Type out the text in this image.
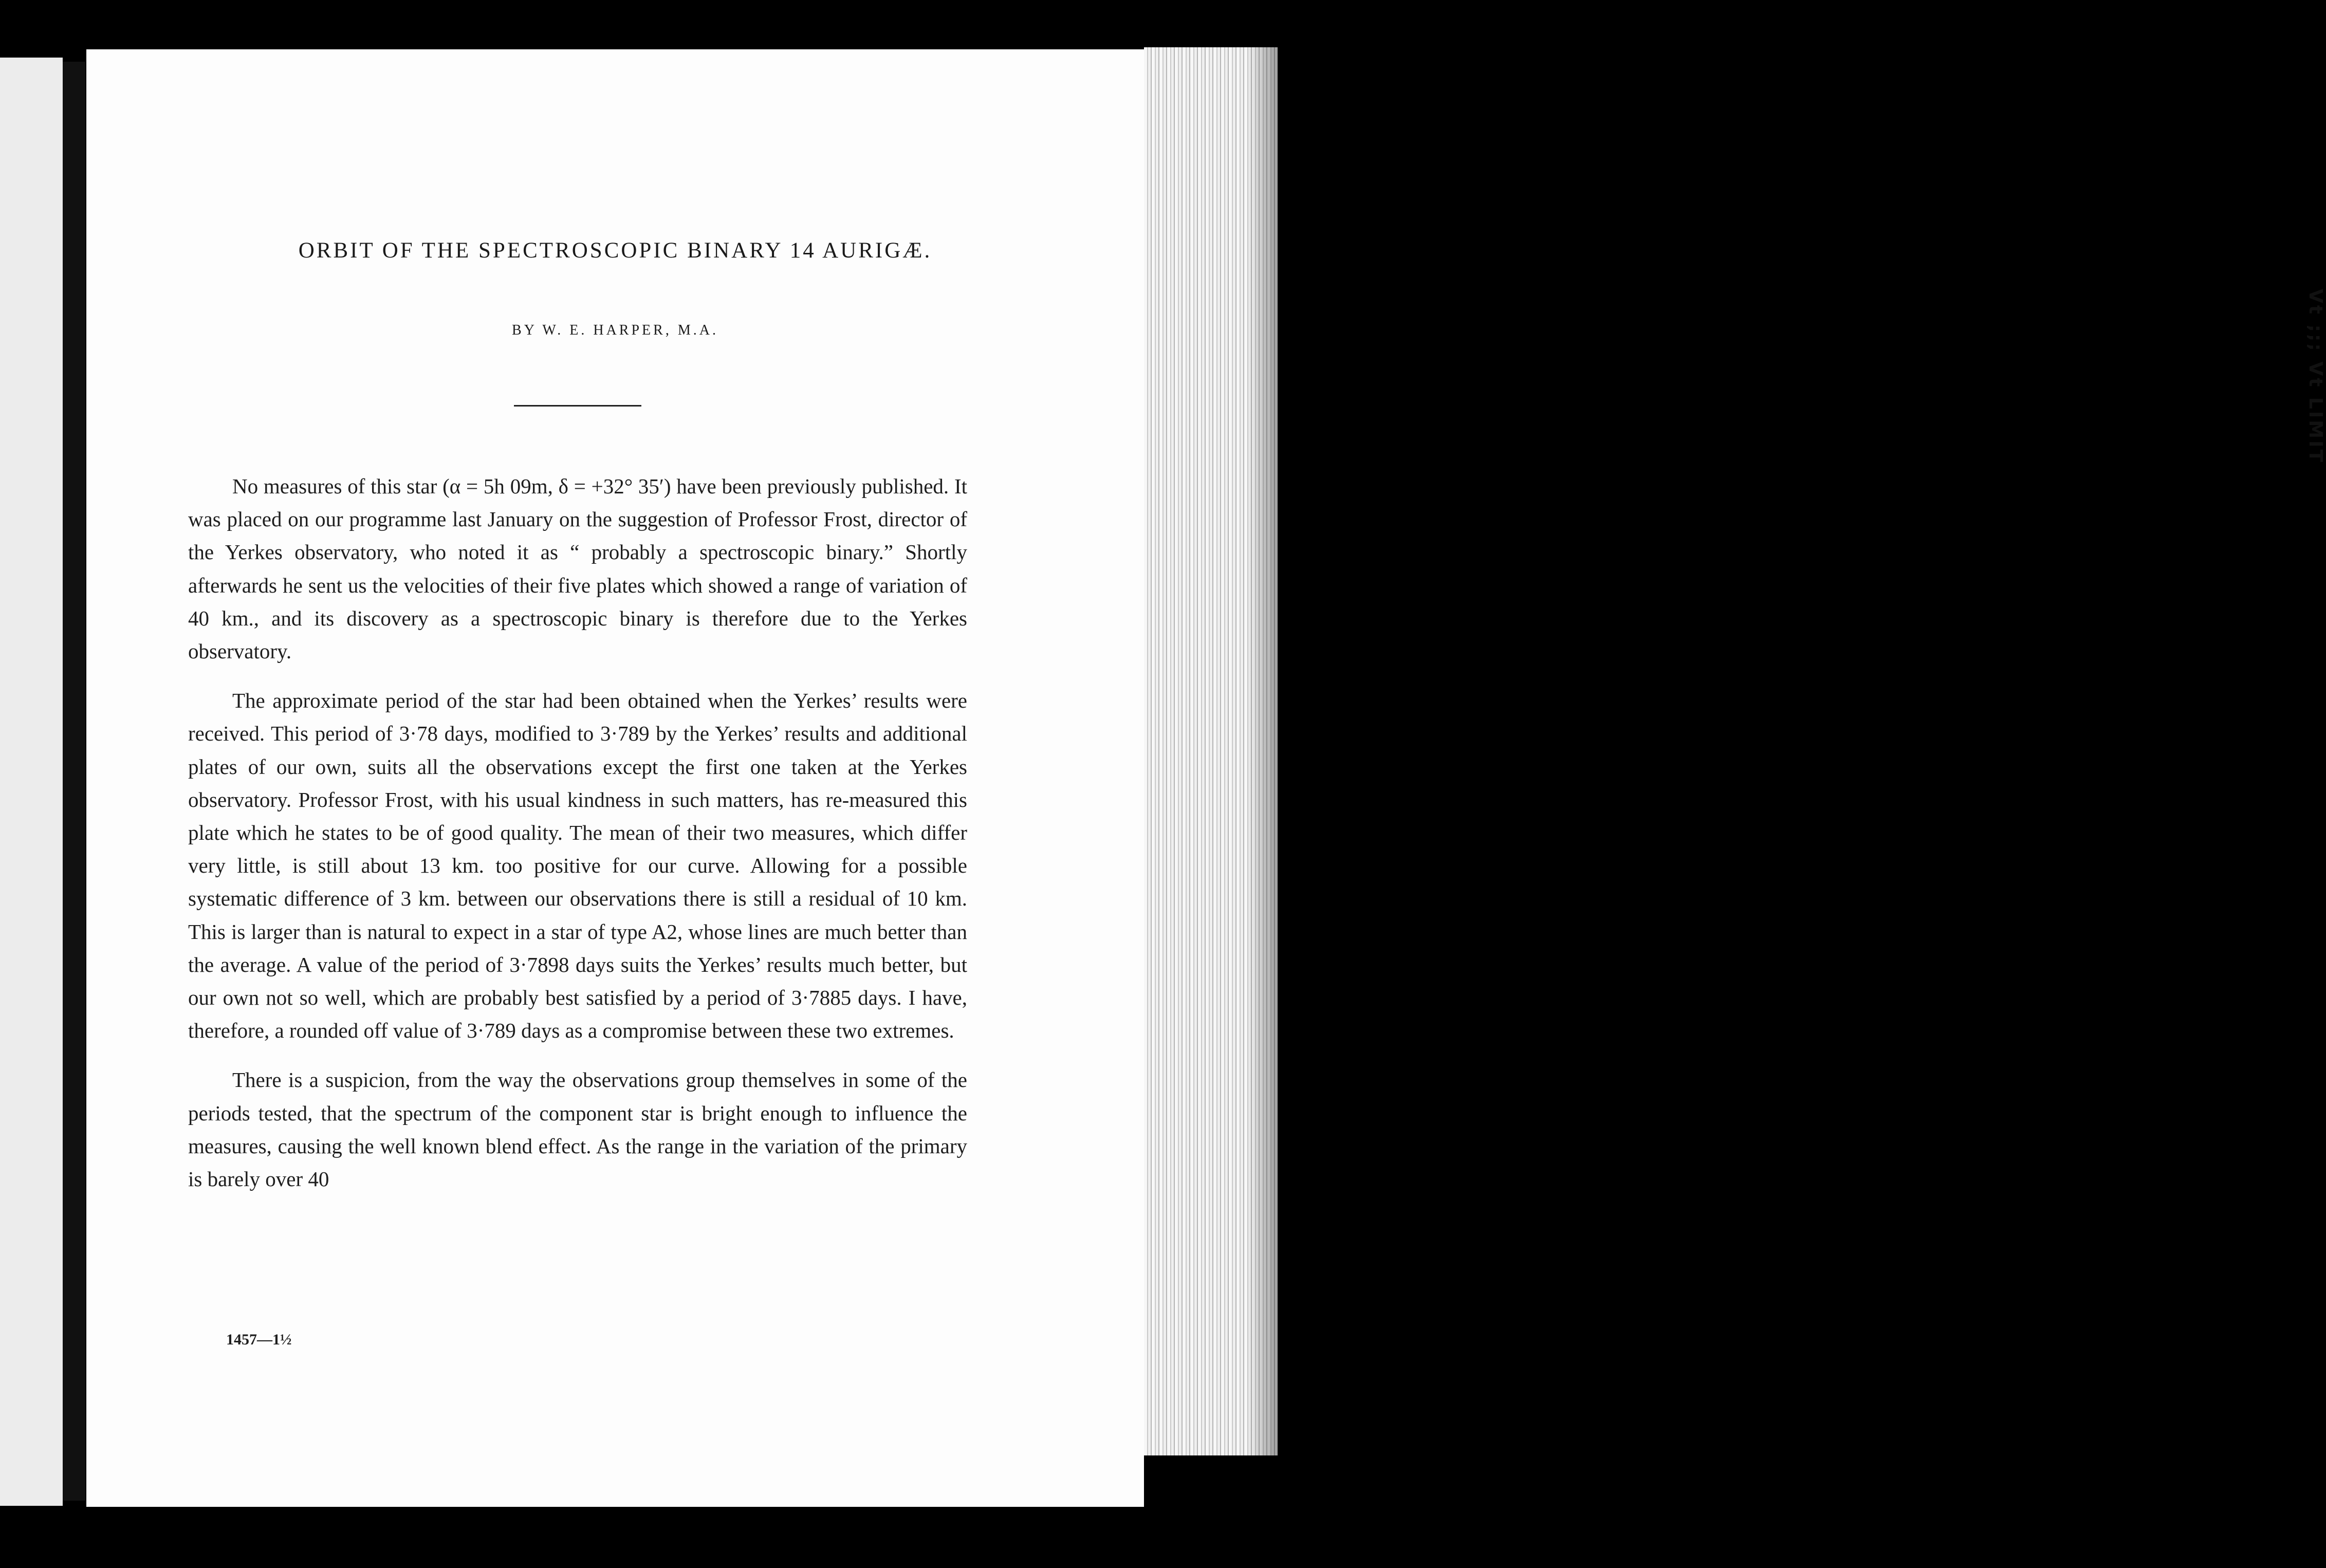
Vt ;;; Vt LIMIT
ORBIT OF THE SPECTROSCOPIC BINARY 14 AURIGÆ.
BY W. E. HARPER, M.A.

No measures of this star (α = 5h 09m, δ = +32° 35′) have been previously published. It was placed on our programme last January on the suggestion of Professor Frost, director of the Yerkes observatory, who noted it as “ probably a spectroscopic binary.” Shortly afterwards he sent us the velocities of their five plates which showed a range of variation of 40 km., and its discovery as a spectroscopic binary is therefore due to the Yerkes observatory.

The approximate period of the star had been obtained when the Yerkes’ results were received. This period of 3·78 days, modified to 3·789 by the Yerkes’ results and additional plates of our own, suits all the observations except the first one taken at the Yerkes observatory. Professor Frost, with his usual kindness in such matters, has re-measured this plate which he states to be of good quality. The mean of their two measures, which differ very little, is still about 13 km. too positive for our curve. Allowing for a possible systematic difference of 3 km. between our observations there is still a residual of 10 km. This is larger than is natural to expect in a star of type A2, whose lines are much better than the average. A value of the period of 3·7898 days suits the Yerkes’ results much better, but our own not so well, which are probably best satisfied by a period of 3·7885 days. I have, therefore, a rounded off value of 3·789 days as a compromise between these two extremes.

There is a suspicion, from the way the observations group themselves in some of the periods tested, that the spectrum of the component star is bright enough to influence the measures, causing the well known blend effect. As the range in the variation of the primary is barely over 40

1457—1½
